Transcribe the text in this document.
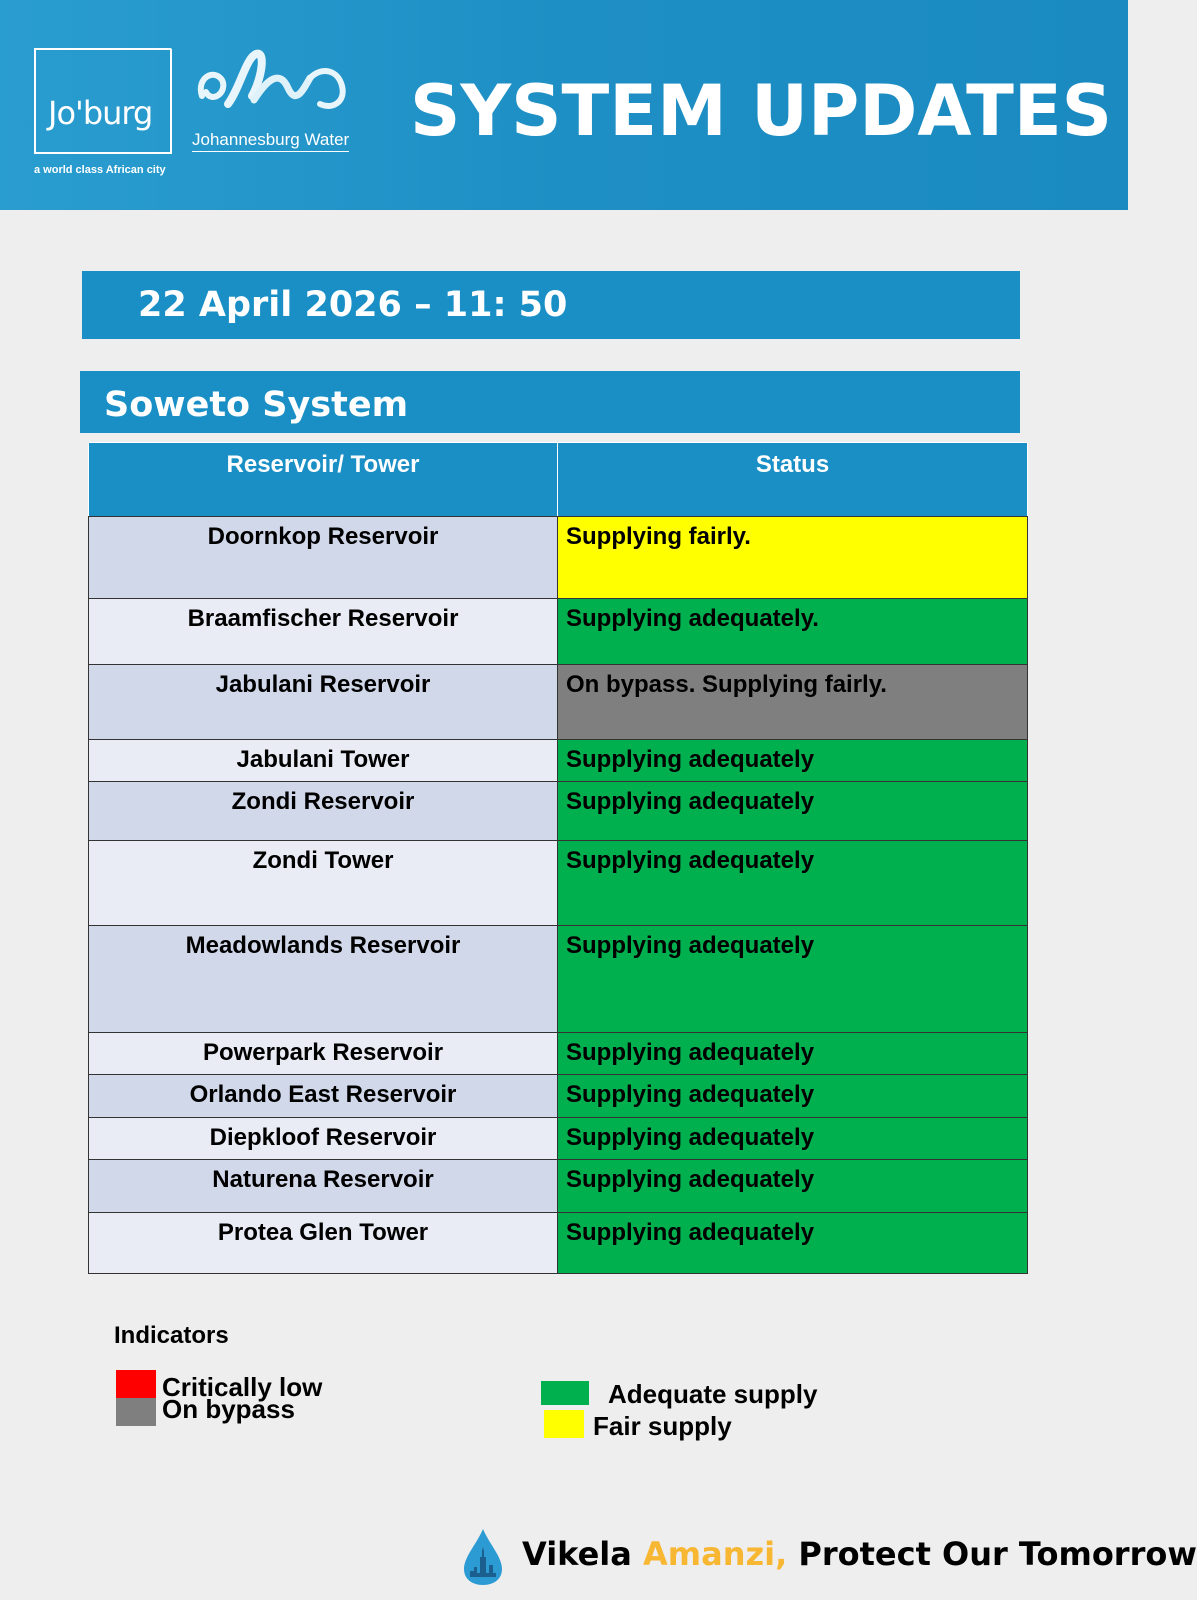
Jo'burg
a world class African city
Johannesburg Water SYSTEM UPDATES
22 April 2026 – 11: 50
Soweto System
Reservoir/ Tower	Status
Doornkop Reservoir	Supplying fairly.
Braamfischer Reservoir	Supplying adequately.
Jabulani Reservoir	On bypass. Supplying fairly.
Jabulani Tower	Supplying adequately
Zondi Reservoir	Supplying adequately
Zondi Tower	Supplying adequately
Meadowlands Reservoir	Supplying adequately
Powerpark Reservoir	Supplying adequately
Orlando East Reservoir	Supplying adequately
Diepkloof Reservoir	Supplying adequately
Naturena Reservoir	Supplying adequately
Protea Glen Tower	Supplying adequately
Indicators
Critically low
On bypass	Adequate supply
Fair supply
Vikela Amanzi, Protect Our Tomorrow
